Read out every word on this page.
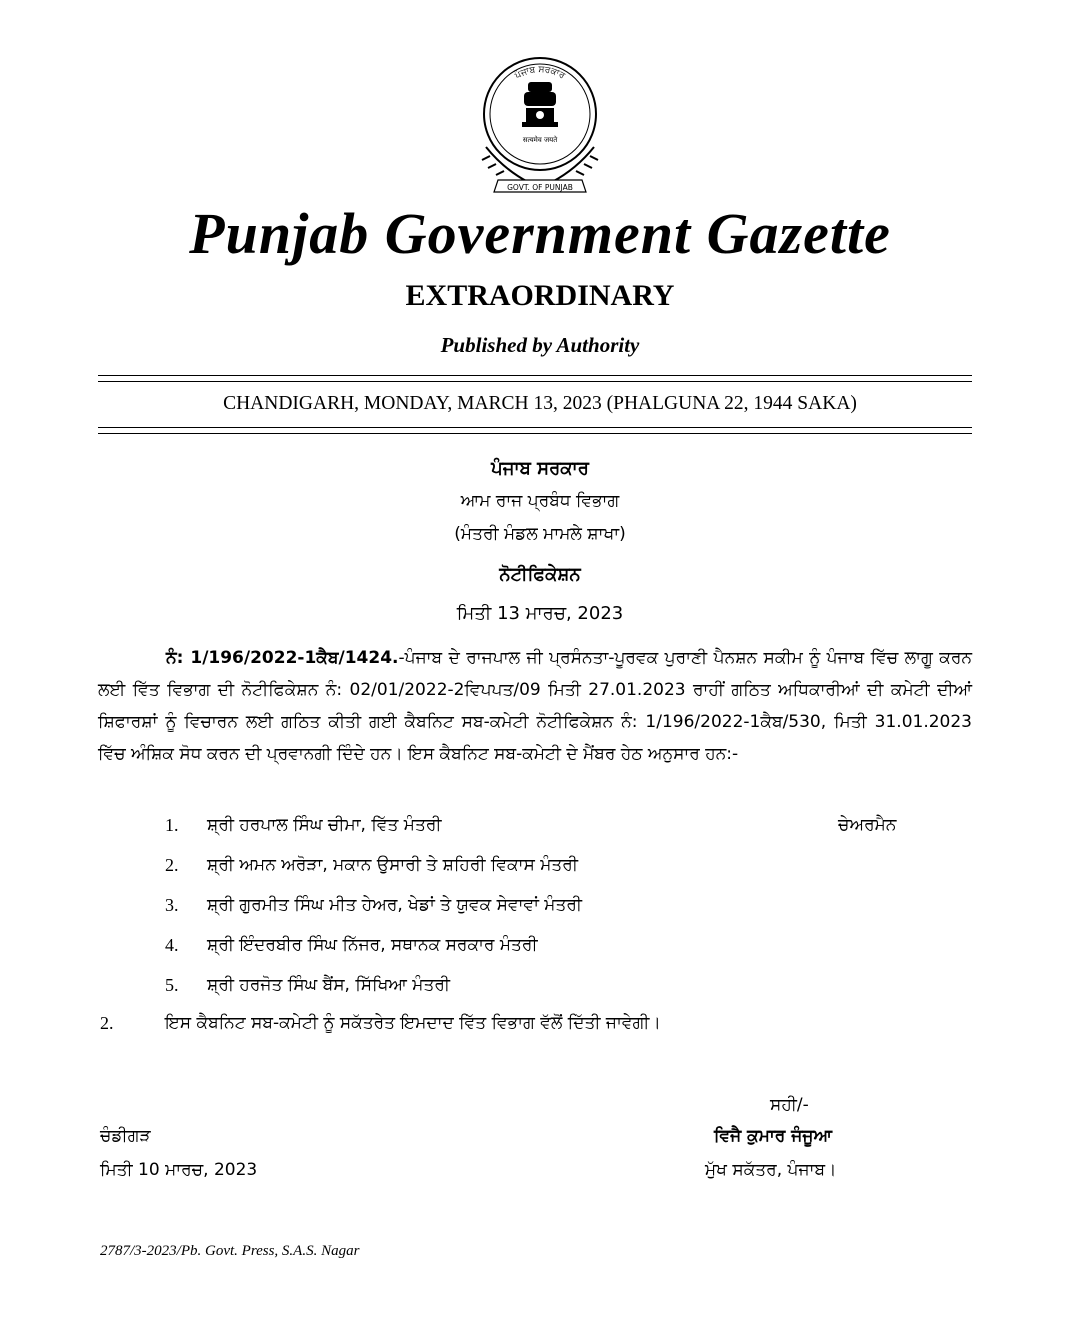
ਪੰਜਾਬ ਸਰਕਾਰ
सत्यमेव जयते
GOVT. OF PUNJAB
Punjab Government Gazette
EXTRAORDINARY
Published by Authority
CHANDIGARH, MONDAY, MARCH 13, 2023 (PHALGUNA 22, 1944 SAKA)
ਪੰਜਾਬ ਸਰਕਾਰ
ਆਮ ਰਾਜ ਪ੍ਰਬੰਧ ਵਿਭਾਗ
(ਮੰਤਰੀ ਮੰਡਲ ਮਾਮਲੇ ਸ਼ਾਖਾ)
ਨੋਟੀਫਿਕੇਸ਼ਨ
ਮਿਤੀ 13 ਮਾਰਚ, 2023
ਨੰ: 1/196/2022-1ਕੈਬ/1424.-ਪੰਜਾਬ ਦੇ ਰਾਜਪਾਲ ਜੀ ਪ੍ਰਸੰਨਤਾ-ਪੂਰਵਕ ਪੁਰਾਣੀ ਪੈਨਸ਼ਨ ਸਕੀਮ ਨੂੰ ਪੰਜਾਬ ਵਿੱਚ ਲਾਗੂ ਕਰਨ ਲਈ ਵਿੱਤ ਵਿਭਾਗ ਦੀ ਨੋਟੀਫਿਕੇਸ਼ਨ ਨੰ: 02/01/2022-2ਵਿਪਪਤ/09 ਮਿਤੀ 27.01.2023 ਰਾਹੀਂ ਗਠਿਤ ਅਧਿਕਾਰੀਆਂ ਦੀ ਕਮੇਟੀ ਦੀਆਂ ਸ਼ਿਫਾਰਸ਼ਾਂ ਨੂੰ ਵਿਚਾਰਨ ਲਈ ਗਠਿਤ ਕੀਤੀ ਗਈ ਕੈਬਨਿਟ ਸਬ-ਕਮੇਟੀ ਨੋਟੀਫਿਕੇਸ਼ਨ ਨੰ: 1/196/2022-1ਕੈਬ/530, ਮਿਤੀ 31.01.2023 ਵਿੱਚ ਅੰਸ਼ਿਕ ਸੋਧ ਕਰਨ ਦੀ ਪ੍ਰਵਾਨਗੀ ਦਿੰਦੇ ਹਨ। ਇਸ ਕੈਬਨਿਟ ਸਬ-ਕਮੇਟੀ ਦੇ ਮੈਂਬਰ ਹੇਠ ਅਨੁਸਾਰ ਹਨ:-
1. ਸ਼੍ਰੀ ਹਰਪਾਲ ਸਿੰਘ ਚੀਮਾ, ਵਿੱਤ ਮੰਤਰੀ	ਚੇਅਰਮੈਨ
2. ਸ਼੍ਰੀ ਅਮਨ ਅਰੋੜਾ, ਮਕਾਨ ਉਸਾਰੀ ਤੇ ਸ਼ਹਿਰੀ ਵਿਕਾਸ ਮੰਤਰੀ
3. ਸ਼੍ਰੀ ਗੁਰਮੀਤ ਸਿੰਘ ਮੀਤ ਹੇਅਰ, ਖੇਡਾਂ ਤੇ ਯੁਵਕ ਸੇਵਾਵਾਂ ਮੰਤਰੀ
4. ਸ਼੍ਰੀ ਇੰਦਰਬੀਰ ਸਿੰਘ ਨਿੱਜਰ, ਸਥਾਨਕ ਸਰਕਾਰ ਮੰਤਰੀ
5. ਸ਼੍ਰੀ ਹਰਜੋਤ ਸਿੰਘ ਬੈਂਸ, ਸਿੱਖਿਆ ਮੰਤਰੀ
2.	ਇਸ ਕੈਬਨਿਟ ਸਬ-ਕਮੇਟੀ ਨੂੰ ਸਕੱਤਰੇਤ ਇਮਦਾਦ ਵਿੱਤ ਵਿਭਾਗ ਵੱਲੋਂ ਦਿੱਤੀ ਜਾਵੇਗੀ।
ਸਹੀ/-
ਚੰਡੀਗੜ	ਵਿਜੈ ਕੁਮਾਰ ਜੰਜੂਆ
ਮਿਤੀ 10 ਮਾਰਚ, 2023	ਮੁੱਖ ਸਕੱਤਰ, ਪੰਜਾਬ।
2787/3-2023/Pb. Govt. Press, S.A.S. Nagar
